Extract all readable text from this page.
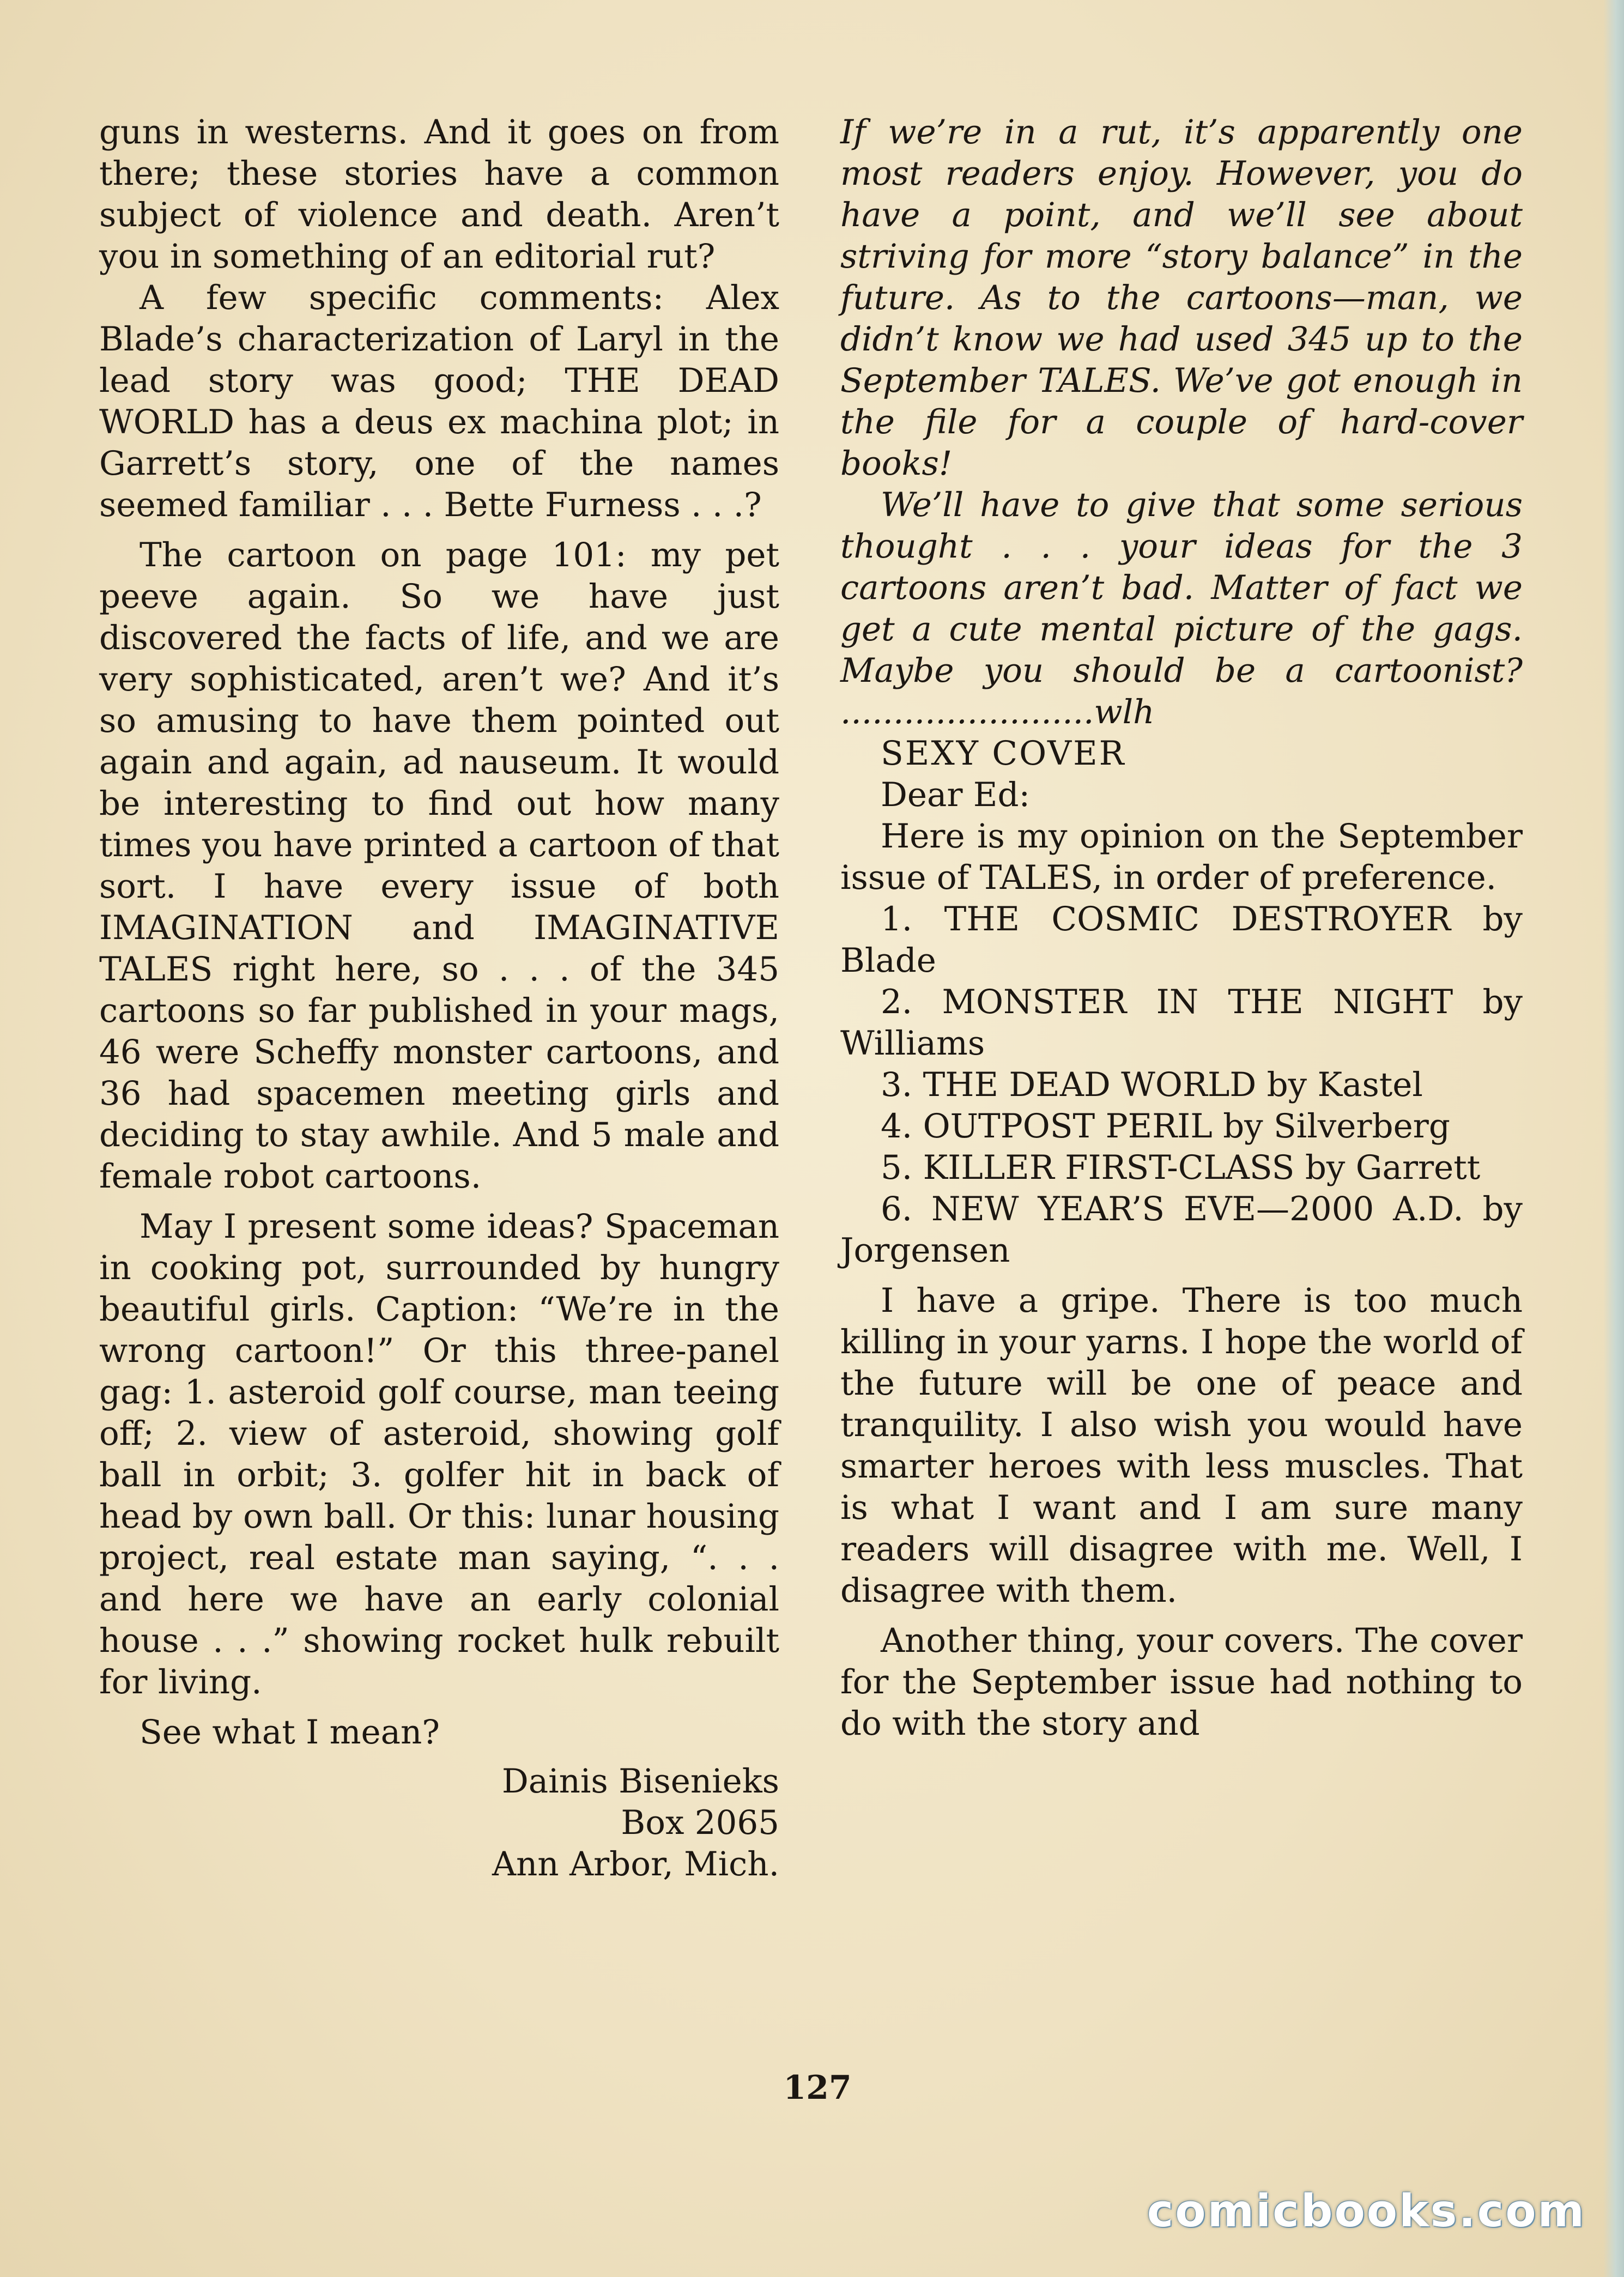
guns in westerns. And it goes on from there; these stories have a common subject of violence and death. Aren’t you in something of an editorial rut?

A few specific comments: Alex Blade’s characterization of Laryl in the lead story was good; THE DEAD WORLD has a deus ex machina plot; in Garrett’s story, one of the names seemed familiar . . . Bette Furness . . .?

The cartoon on page 101: my pet peeve again. So we have just discovered the facts of life, and we are very sophisticated, aren’t we? And it’s so amusing to have them pointed out again and again, ad nauseum. It would be interesting to find out how many times you have printed a cartoon of that sort. I have every issue of both IMAGINATION and IMAGINATIVE TALES right here, so . . . of the 345 cartoons so far published in your mags, 46 were Scheffy monster cartoons, and 36 had spacemen meeting girls and deciding to stay awhile. And 5 male and female robot cartoons.

May I present some ideas? Spaceman in cooking pot, surrounded by hungry beautiful girls. Caption: “We’re in the wrong cartoon!” Or this three-panel gag: 1. asteroid golf course, man teeing off; 2. view of asteroid, showing golf ball in orbit; 3. golfer hit in back of head by own ball. Or this: lunar housing project, real estate man saying, “. . . and here we have an early colonial house . . .” showing rocket hulk rebuilt for living.

See what I mean?

Dainis Bisenieks
Box 2065
Ann Arbor, Mich.

If we’re in a rut, it’s apparently one most readers enjoy. However, you do have a point, and we’ll see about striving for more “story balance” in the future. As to the cartoons—man, we didn’t know we had used 345 up to the September TALES. We’ve got enough in the file for a couple of hard-cover books!

We’ll have to give that some serious thought . . . your ideas for the 3 cartoons aren’t bad. Matter of fact we get a cute mental picture of the gags. Maybe you should be a cartoonist? ........................wlh

SEXY COVER

Dear Ed:

Here is my opinion on the September issue of TALES, in order of preference.

1. THE COSMIC DESTROYER by Blade

2. MONSTER IN THE NIGHT by Williams

3. THE DEAD WORLD by Kastel

4. OUTPOST PERIL by Silverberg

5. KILLER FIRST-CLASS by Garrett

6. NEW YEAR’S EVE—2000 A.D. by Jorgensen

I have a gripe. There is too much killing in your yarns. I hope the world of the future will be one of peace and tranquility. I also wish you would have smarter heroes with less muscles. That is what I want and I am sure many readers will disagree with me. Well, I disagree with them.

Another thing, your covers. The cover for the September issue had nothing to do with the story and

127
comicbooks.com
